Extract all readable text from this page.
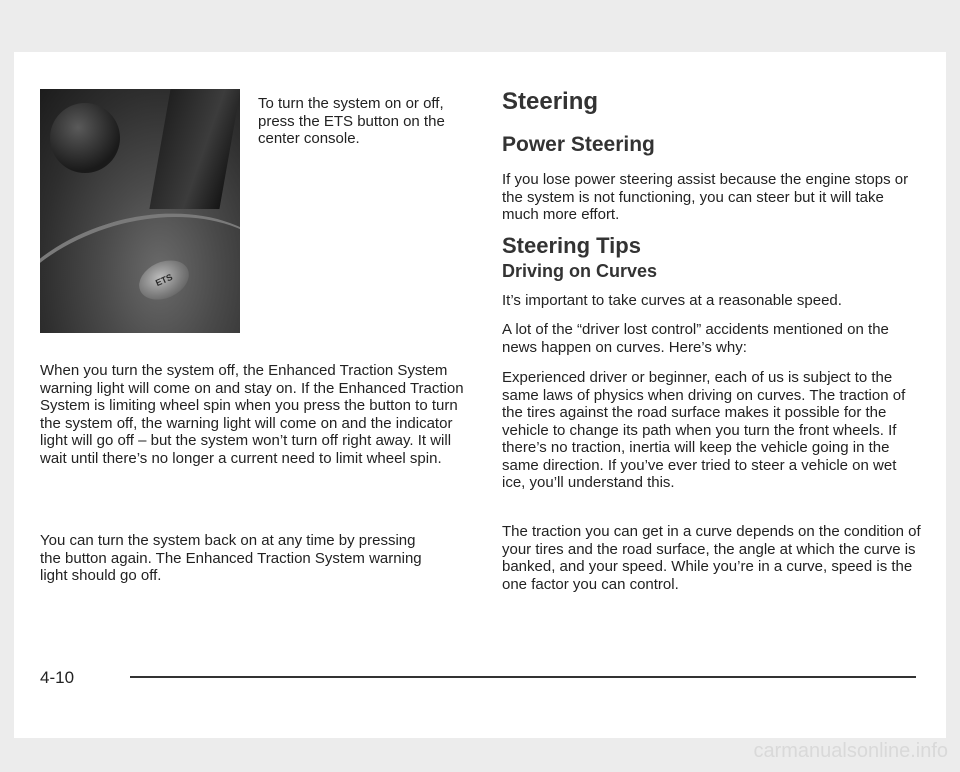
ETS

To turn the system on or off, press the ETS button on the center console.

When you turn the system off, the Enhanced Traction System warning light will come on and stay on. If the Enhanced Traction System is limiting wheel spin when you press the button to turn the system off, the warning light will come on and the indicator light will go off – but the system won’t turn off right away. It will wait until there’s no longer a current need to limit wheel spin.

You can turn the system back on at any time by pressing the button again. The Enhanced Traction System warning light should go off.

Steering
Power Steering

If you lose power steering assist because the engine stops or the system is not functioning, you can steer but it will take much more effort.

Steering Tips
Driving on Curves

It’s important to take curves at a reasonable speed.

A lot of the “driver lost control” accidents mentioned on the news happen on curves. Here’s why:

Experienced driver or beginner, each of us is subject to the same laws of physics when driving on curves. The traction of the tires against the road surface makes it possible for the vehicle to change its path when you turn the front wheels. If there’s no traction, inertia will keep the vehicle going in the same direction. If you’ve ever tried to steer a vehicle on wet ice, you’ll understand this.

The traction you can get in a curve depends on the condition of your tires and the road surface, the angle at which the curve is banked, and your speed. While you’re in a curve, speed is the one factor you can control.

4-10
carmanualsonline.info
